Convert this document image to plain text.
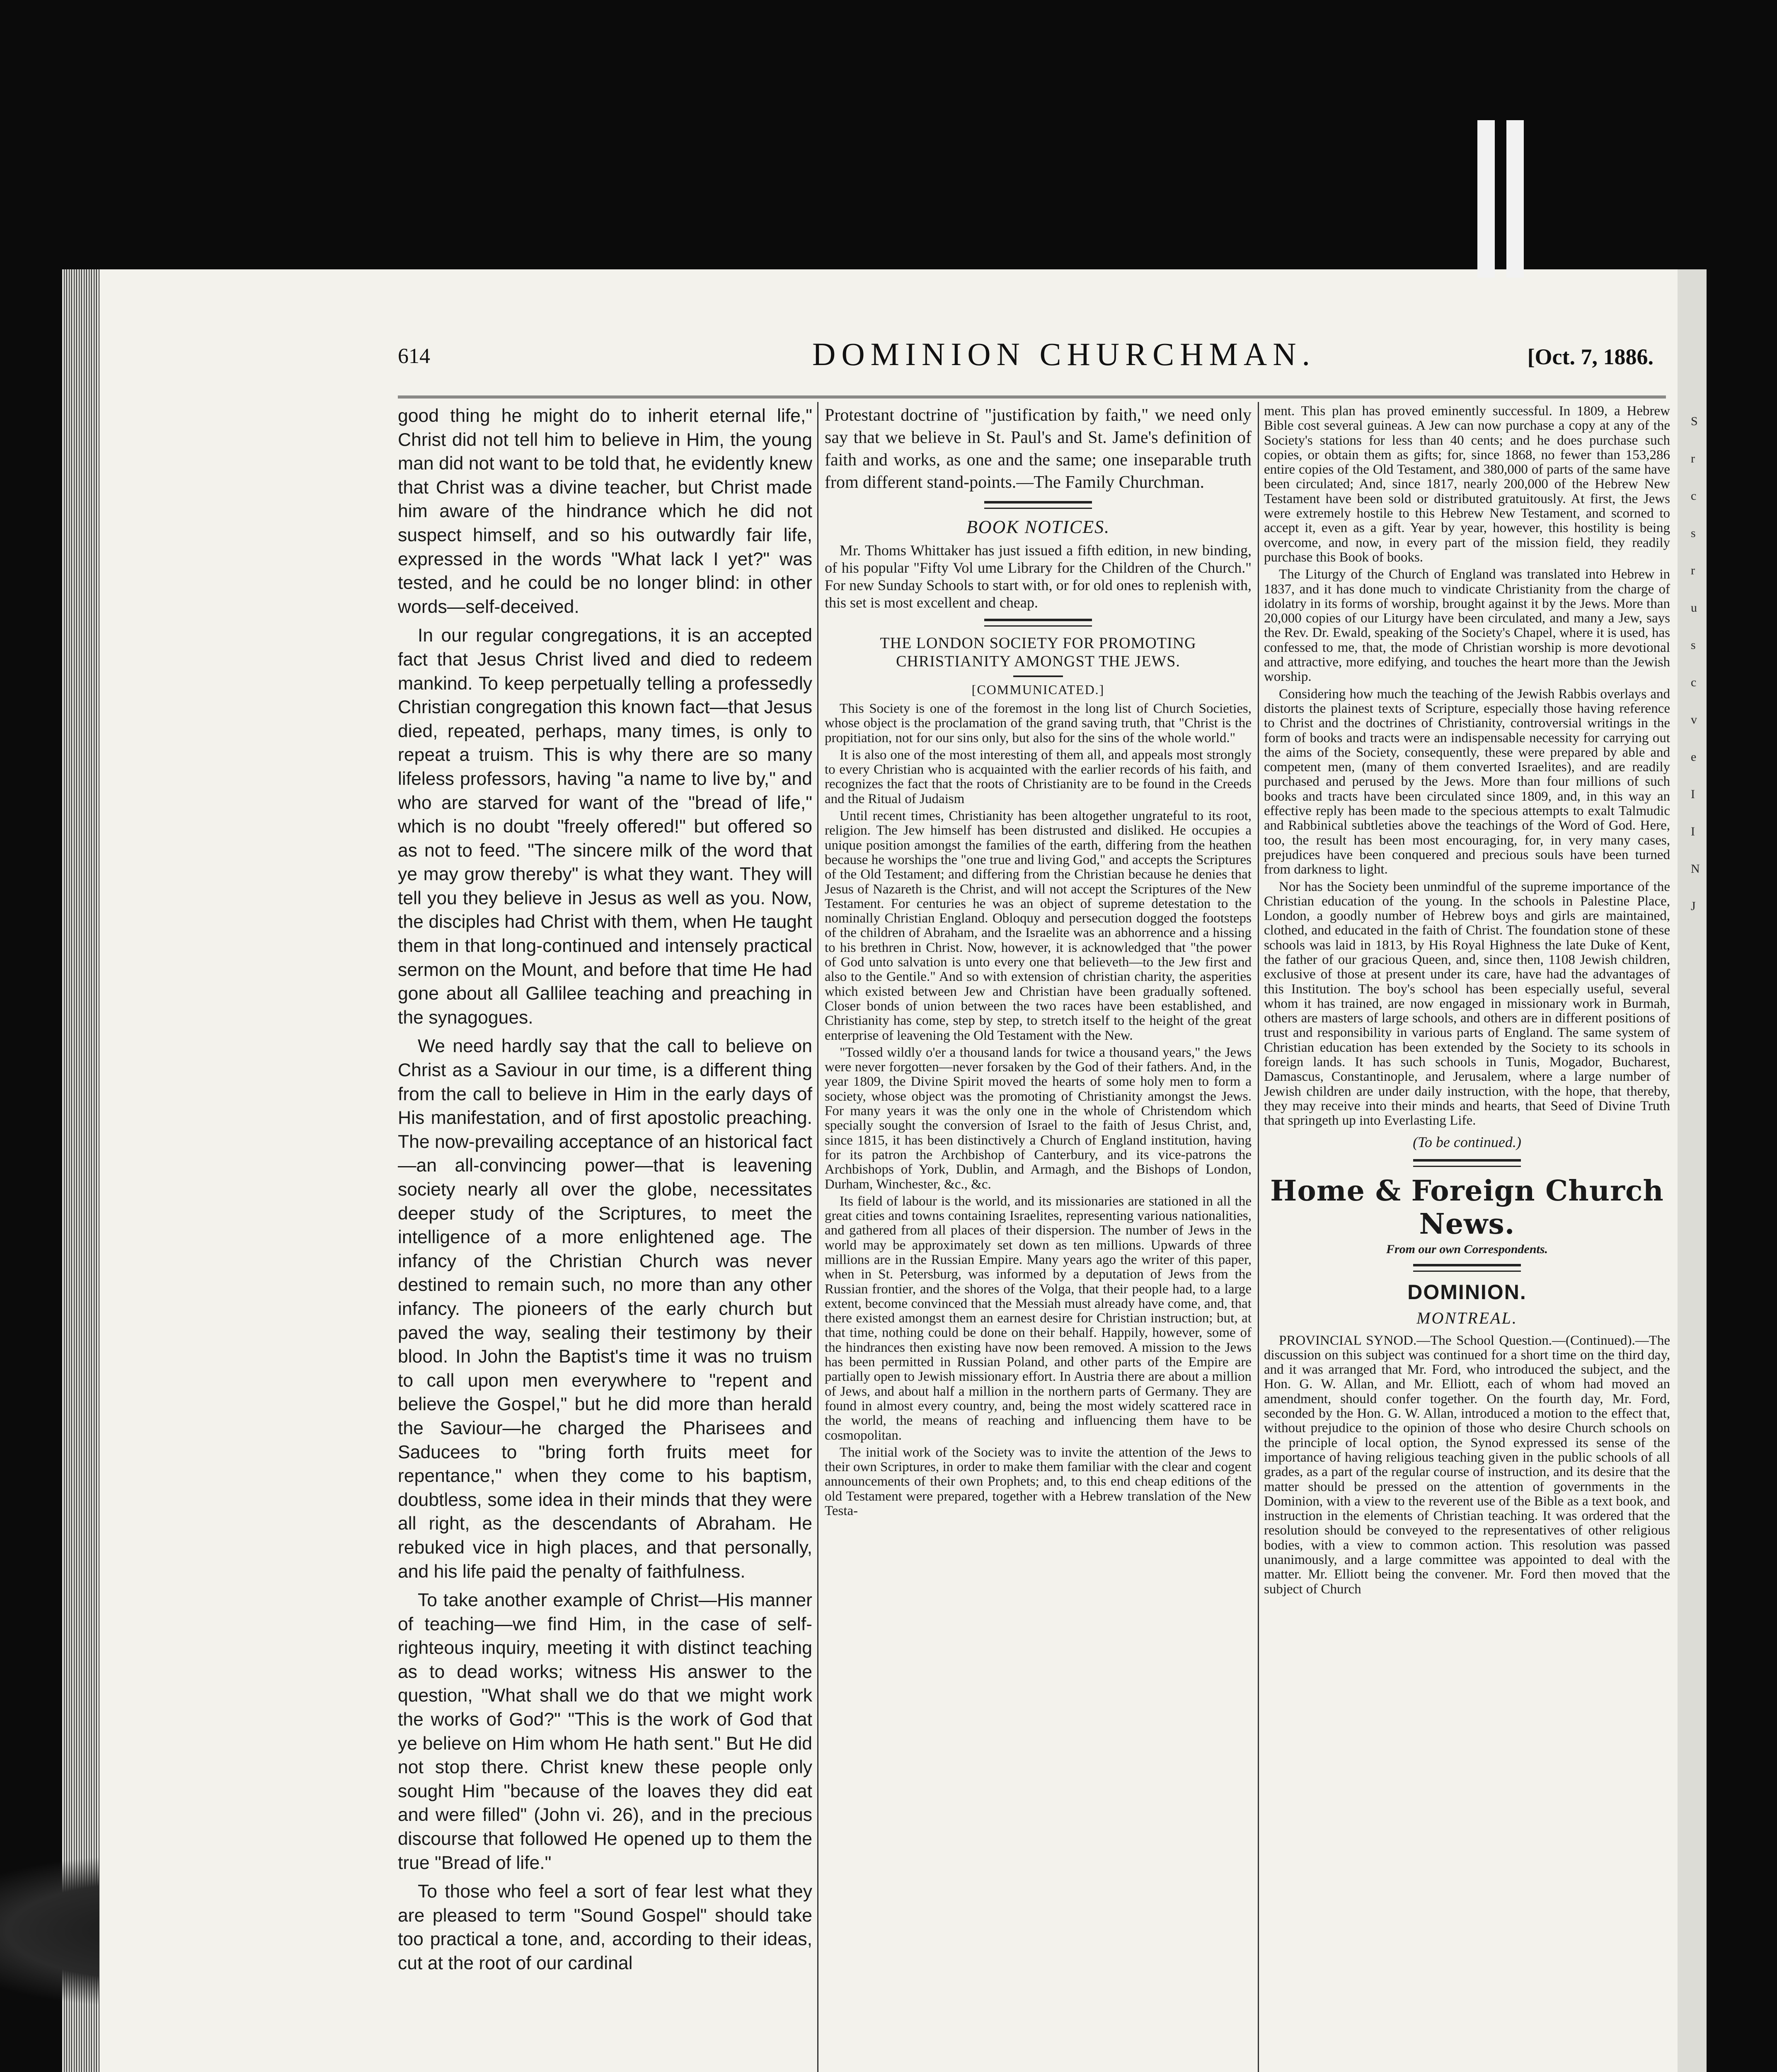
614	DOMINION CHURCHMAN.	[Oct. 7, 1886.

good thing he might do to inherit eternal life," Christ did not tell him to believe in Him, the young man did not want to be told that, he evidently knew that Christ was a divine teacher, but Christ made him aware of the hindrance which he did not suspect himself, and so his outwardly fair life, expressed in the words "What lack I yet?" was tested, and he could be no longer blind: in other words—self-deceived.

In our regular congregations, it is an accepted fact that Jesus Christ lived and died to redeem mankind. To keep perpetually telling a professedly Christian congregation this known fact—that Jesus died, repeated, perhaps, many times, is only to repeat a truism. This is why there are so many lifeless professors, having "a name to live by," and who are starved for want of the "bread of life," which is no doubt "freely offered!" but offered so as not to feed. "The sincere milk of the word that ye may grow thereby" is what they want. They will tell you they believe in Jesus as well as you. Now, the disciples had Christ with them, when He taught them in that long-continued and intensely practical sermon on the Mount, and before that time He had gone about all Gallilee teaching and preaching in the synagogues.

We need hardly say that the call to believe on Christ as a Saviour in our time, is a different thing from the call to believe in Him in the early days of His manifestation, and of first apostolic preaching. The now-prevailing acceptance of an historical fact—an all-convincing power—that is leavening society nearly all over the globe, necessitates deeper study of the Scriptures, to meet the intelligence of a more enlightened age. The infancy of the Christian Church was never destined to remain such, no more than any other infancy. The pioneers of the early church but paved the way, sealing their testimony by their blood. In John the Baptist's time it was no truism to call upon men everywhere to "repent and believe the Gospel," but he did more than herald the Saviour—he charged the Pharisees and Saducees to "bring forth fruits meet for repentance," when they come to his baptism, doubtless, some idea in their minds that they were all right, as the descendants of Abraham. He rebuked vice in high places, and that personally, and his life paid the penalty of faithfulness.

To take another example of Christ—His manner of teaching—we find Him, in the case of self-righteous inquiry, meeting it with distinct teaching as to dead works; witness His answer to the question, "What shall we do that we might work the works of God?" "This is the work of God that ye believe on Him whom He hath sent." But He did not stop there. Christ knew these people only sought Him "because of the loaves they did eat and were filled" (John vi. 26), and in the precious discourse that followed He opened up to them the true "Bread of life."

To those who feel a sort of fear lest what they are pleased to term "Sound Gospel" should take too practical a tone, and, according to their ideas, cut at the root of our cardinal

Protestant doctrine of "justification by faith," we need only say that we believe in St. Paul's and St. Jame's definition of faith and works, as one and the same; one inseparable truth from different stand-points.—The Family Churchman.

BOOK NOTICES.

Mr. Thoms Whittaker has just issued a fifth edition, in new binding, of his popular "Fifty Vol ume Library for the Children of the Church." For new Sunday Schools to start with, or for old ones to replenish with, this set is most excellent and cheap.

THE LONDON SOCIETY FOR PROMOTING CHRISTIANITY AMONGST THE JEWS.
[COMMUNICATED.]

This Society is one of the foremost in the long list of Church Societies, whose object is the proclamation of the grand saving truth, that "Christ is the propitiation, not for our sins only, but also for the sins of the whole world."

It is also one of the most interesting of them all, and appeals most strongly to every Christian who is acquainted with the earlier records of his faith, and recognizes the fact that the roots of Christianity are to be found in the Creeds and the Ritual of Judaism

Until recent times, Christianity has been altogether ungrateful to its root, religion. The Jew himself has been distrusted and disliked. He occupies a unique position amongst the families of the earth, differing from the heathen because he worships the "one true and living God," and accepts the Scriptures of the Old Testament; and differing from the Christian because he denies that Jesus of Nazareth is the Christ, and will not accept the Scriptures of the New Testament. For centuries he was an object of supreme detestation to the nominally Christian England. Obloquy and persecution dogged the footsteps of the children of Abraham, and the Israelite was an abhorrence and a hissing to his brethren in Christ. Now, however, it is acknowledged that "the power of God unto salvation is unto every one that believeth—to the Jew first and also to the Gentile." And so with extension of christian charity, the asperities which existed between Jew and Christian have been gradually softened. Closer bonds of union between the two races have been established, and Christianity has come, step by step, to stretch itself to the height of the great enterprise of leavening the Old Testament with the New.

"Tossed wildly o'er a thousand lands for twice a thousand years," the Jews were never forgotten—never forsaken by the God of their fathers. And, in the year 1809, the Divine Spirit moved the hearts of some holy men to form a society, whose object was the promoting of Christianity amongst the Jews. For many years it was the only one in the whole of Christendom which specially sought the conversion of Israel to the faith of Jesus Christ, and, since 1815, it has been distinctively a Church of England institution, having for its patron the Archbishop of Canterbury, and its vice-patrons the Archbishops of York, Dublin, and Armagh, and the Bishops of London, Durham, Winchester, &c., &c.

Its field of labour is the world, and its missionaries are stationed in all the great cities and towns containing Israelites, representing various nationalities, and gathered from all places of their dispersion. The number of Jews in the world may be approximately set down as ten millions. Upwards of three millions are in the Russian Empire. Many years ago the writer of this paper, when in St. Petersburg, was informed by a deputation of Jews from the Russian frontier, and the shores of the Volga, that their people had, to a large extent, become convinced that the Messiah must already have come, and, that there existed amongst them an earnest desire for Christian instruction; but, at that time, nothing could be done on their behalf. Happily, however, some of the hindrances then existing have now been removed. A mission to the Jews has been permitted in Russian Poland, and other parts of the Empire are partially open to Jewish missionary effort. In Austria there are about a million of Jews, and about half a million in the northern parts of Germany. They are found in almost every country, and, being the most widely scattered race in the world, the means of reaching and influencing them have to be cosmopolitan.

The initial work of the Society was to invite the attention of the Jews to their own Scriptures, in order to make them familiar with the clear and cogent announcements of their own Prophets; and, to this end cheap editions of the old Testament were prepared, together with a Hebrew translation of the New Testa-

ment. This plan has proved eminently successful. In 1809, a Hebrew Bible cost several guineas. A Jew can now purchase a copy at any of the Society's stations for less than 40 cents; and he does purchase such copies, or obtain them as gifts; for, since 1868, no fewer than 153,286 entire copies of the Old Testament, and 380,000 of parts of the same have been circulated; And, since 1817, nearly 200,000 of the Hebrew New Testament have been sold or distributed gratuitously. At first, the Jews were extremely hostile to this Hebrew New Testament, and scorned to accept it, even as a gift. Year by year, however, this hostility is being overcome, and now, in every part of the mission field, they readily purchase this Book of books.

The Liturgy of the Church of England was translated into Hebrew in 1837, and it has done much to vindicate Christianity from the charge of idolatry in its forms of worship, brought against it by the Jews. More than 20,000 copies of our Liturgy have been circulated, and many a Jew, says the Rev. Dr. Ewald, speaking of the Society's Chapel, where it is used, has confessed to me, that, the mode of Christian worship is more devotional and attractive, more edifying, and touches the heart more than the Jewish worship.

Considering how much the teaching of the Jewish Rabbis overlays and distorts the plainest texts of Scripture, especially those having reference to Christ and the doctrines of Christianity, controversial writings in the form of books and tracts were an indispensable necessity for carrying out the aims of the Society, consequently, these were prepared by able and competent men, (many of them converted Israelites), and are readily purchased and perused by the Jews. More than four millions of such books and tracts have been circulated since 1809, and, in this way an effective reply has been made to the specious attempts to exalt Talmudic and Rabbinical subtleties above the teachings of the Word of God. Here, too, the result has been most encouraging, for, in very many cases, prejudices have been conquered and precious souls have been turned from darkness to light.

Nor has the Society been unmindful of the supreme importance of the Christian education of the young. In the schools in Palestine Place, London, a goodly number of Hebrew boys and girls are maintained, clothed, and educated in the faith of Christ. The foundation stone of these schools was laid in 1813, by His Royal Highness the late Duke of Kent, the father of our gracious Queen, and, since then, 1108 Jewish children, exclusive of those at present under its care, have had the advantages of this Institution. The boy's school has been especially useful, several whom it has trained, are now engaged in missionary work in Burmah, others are masters of large schools, and others are in different positions of trust and responsibility in various parts of England. The same system of Christian education has been extended by the Society to its schools in foreign lands. It has such schools in Tunis, Mogador, Bucharest, Damascus, Constantinople, and Jerusalem, where a large number of Jewish children are under daily instruction, with the hope, that thereby, they may receive into their minds and hearts, that Seed of Divine Truth that springeth up into Everlasting Life.

(To be continued.)
Home & Foreign Church News.
From our own Correspondents.
DOMINION.
MONTREAL.

PROVINCIAL SYNOD.—The School Question.—(Continued).—The discussion on this subject was continued for a short time on the third day, and it was arranged that Mr. Ford, who introduced the subject, and the Hon. G. W. Allan, and Mr. Elliott, each of whom had moved an amendment, should confer together. On the fourth day, Mr. Ford, seconded by the Hon. G. W. Allan, introduced a motion to the effect that, without prejudice to the opinion of those who desire Church schools on the principle of local option, the Synod expressed its sense of the importance of having religious teaching given in the public schools of all grades, as a part of the regular course of instruction, and its desire that the matter should be pressed on the attention of governments in the Dominion, with a view to the reverent use of the Bible as a text book, and instruction in the elements of Christian teaching. It was ordered that the resolution should be conveyed to the representatives of other religious bodies, with a view to common action. This resolution was passed unanimously, and a large committee was appointed to deal with the matter. Mr. Elliott being the convener. Mr. Ford then moved that the subject of Church

S
r
c
s
r
u
s
c
v
e
I
I
N
J
